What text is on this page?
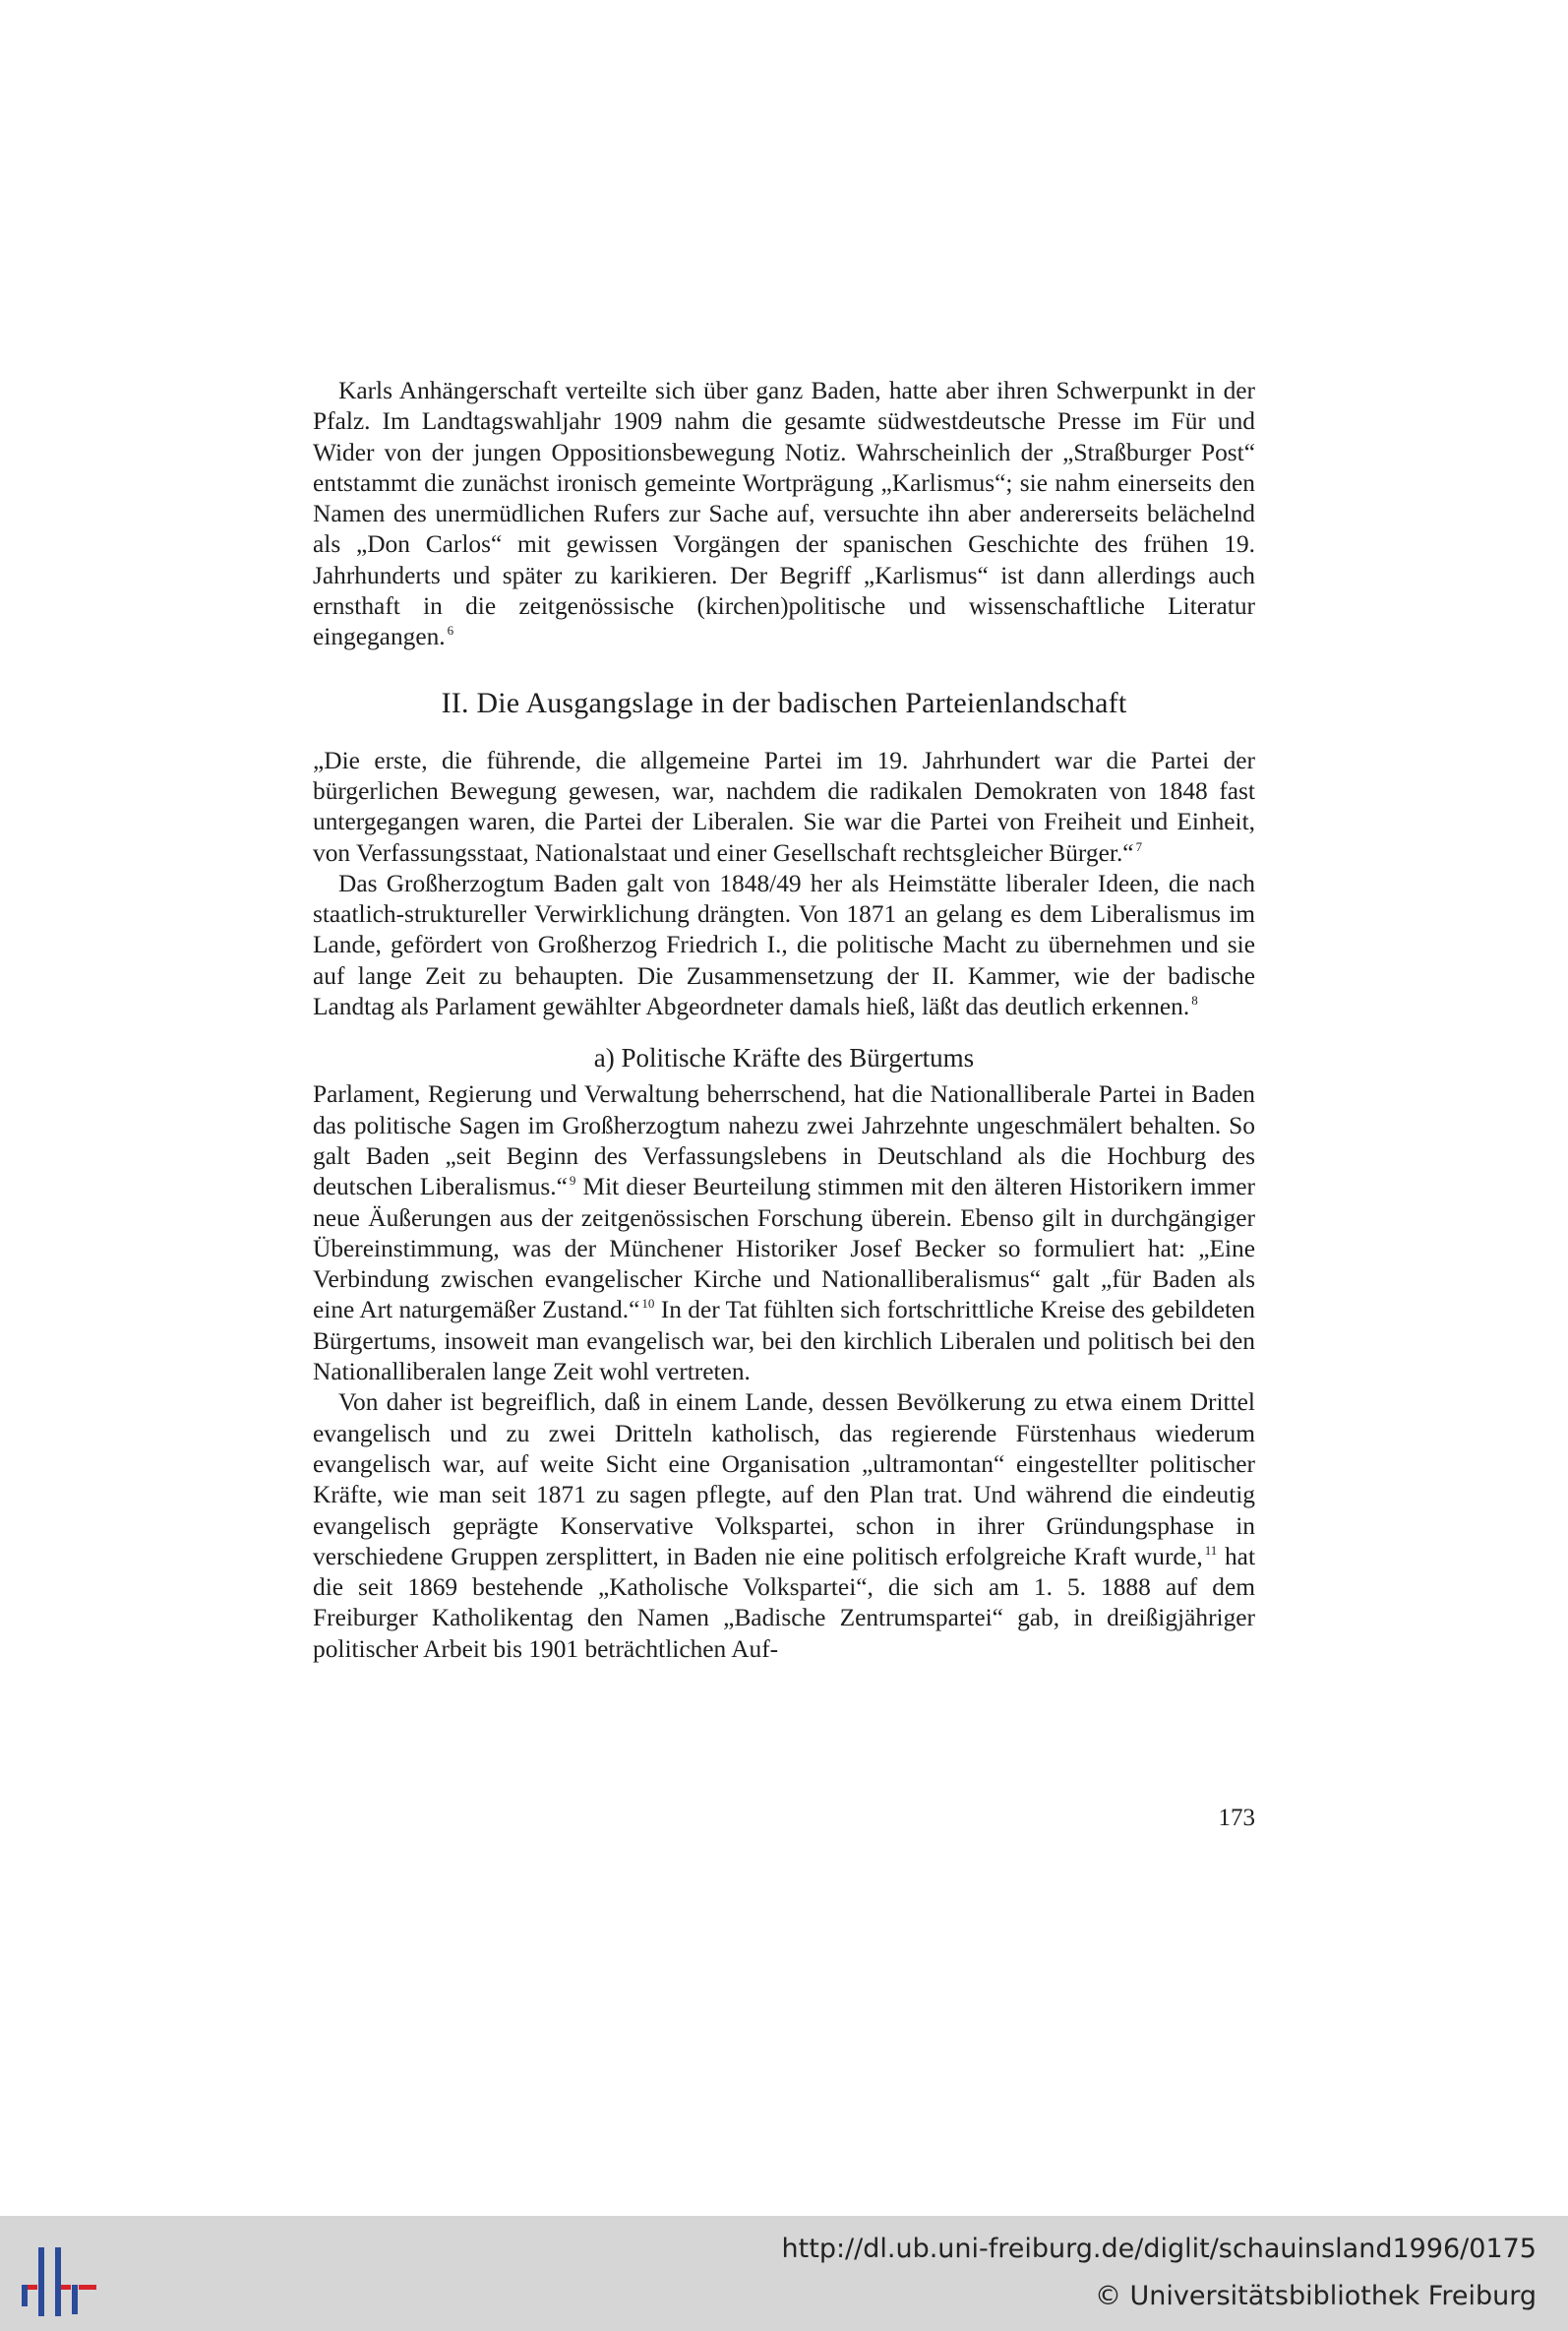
Karls Anhängerschaft verteilte sich über ganz Baden, hatte aber ihren Schwerpunkt in der Pfalz. Im Landtagswahljahr 1909 nahm die gesamte südwestdeutsche Presse im Für und Wider von der jungen Oppositionsbewegung Notiz. Wahrscheinlich der „Straßburger Post“ entstammt die zunächst ironisch gemeinte Wortprägung „Karlismus“; sie nahm einerseits den Namen des unermüdlichen Rufers zur Sache auf, versuchte ihn aber andererseits belächelnd als „Don Carlos“ mit gewissen Vorgängen der spanischen Geschichte des frühen 19. Jahrhunderts und später zu karikieren. Der Begriff „Karlismus“ ist dann allerdings auch ernsthaft in die zeitgenössische (kirchen)politische und wissenschaftliche Literatur eingegangen. $^6$

II. Die Ausgangslage in der badischen Parteienlandschaft

„Die erste, die führende, die allgemeine Partei im 19. Jahrhundert war die Partei der bürgerlichen Bewegung gewesen, war, nachdem die radikalen Demokraten von 1848 fast untergegangen waren, die Partei der Liberalen. Sie war die Partei von Freiheit und Einheit, von Verfassungsstaat, Nationalstaat und einer Gesellschaft rechtsgleicher Bürger.“ $^7$

Das Großherzogtum Baden galt von 1848/49 her als Heimstätte liberaler Ideen, die nach staatlich-struktureller Verwirklichung drängten. Von 1871 an gelang es dem Liberalismus im Lande, gefördert von Großherzog Friedrich I., die politische Macht zu übernehmen und sie auf lange Zeit zu behaupten. Die Zusammensetzung der II. Kammer, wie der badische Landtag als Parlament gewählter Abgeordneter damals hieß, läßt das deutlich erkennen. $^8$

a) Politische Kräfte des Bürgertums

Parlament, Regierung und Verwaltung beherrschend, hat die Nationalliberale Partei in Baden das politische Sagen im Großherzogtum nahezu zwei Jahrzehnte ungeschmälert behalten. So galt Baden „seit Beginn des Verfassungslebens in Deutschland als die Hochburg des deutschen Liberalismus.“ $^9$ Mit dieser Beurteilung stimmen mit den älteren Historikern immer neue Äußerungen aus der zeitgenössischen Forschung überein. Ebenso gilt in durchgängiger Übereinstimmung, was der Münchener Historiker Josef Becker so formuliert hat: „Eine Verbindung zwischen evangelischer Kirche und Nationalliberalismus“ galt „für Baden als eine Art naturgemäßer Zustand.“ $^{10}$ In der Tat fühlten sich fortschrittliche Kreise des gebildeten Bürgertums, insoweit man evangelisch war, bei den kirchlich Liberalen und politisch bei den Nationalliberalen lange Zeit wohl vertreten.

Von daher ist begreiflich, daß in einem Lande, dessen Bevölkerung zu etwa einem Drittel evangelisch und zu zwei Dritteln katholisch, das regierende Fürstenhaus wiederum evangelisch war, auf weite Sicht eine Organisation „ultramontan“ eingestellter politischer Kräfte, wie man seit 1871 zu sagen pflegte, auf den Plan trat. Und während die eindeutig evangelisch geprägte Konservative Volkspartei, schon in ihrer Gründungsphase in verschiedene Gruppen zersplittert, in Baden nie eine politisch erfolgreiche Kraft wurde, $^{11}$ hat die seit 1869 bestehende „Katholische Volkspartei“, die sich am 1. 5. 1888 auf dem Freiburger Katholikentag den Namen „Badische Zentrumspartei“ gab, in dreißigjähriger politischer Arbeit bis 1901 beträchtlichen Auf-

173
http://dl.ub.uni-freiburg.de/diglit/schauinsland1996/0175
© Universitätsbibliothek Freiburg
